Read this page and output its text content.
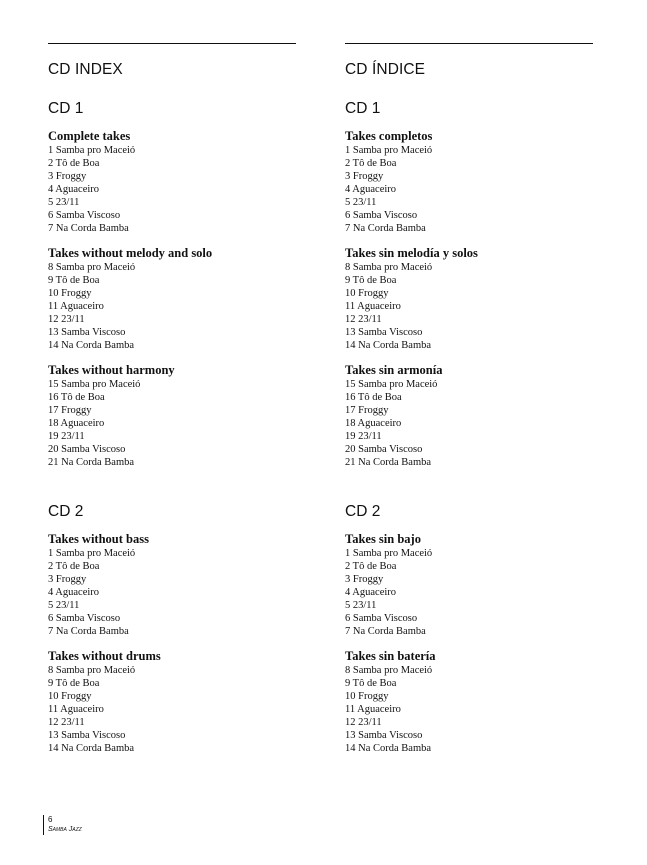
CD INDEX
CD 1
Complete takes
1 Samba pro Maceió
2 Tô de Boa
3 Froggy
4 Aguaceiro
5 23/11
6 Samba Viscoso
7 Na Corda Bamba
Takes without melody and solo
8 Samba pro Maceió
9 Tô de Boa
10 Froggy
11 Aguaceiro
12 23/11
13 Samba Viscoso
14 Na Corda Bamba
Takes without harmony
15 Samba pro Maceió
16 Tô de Boa
17 Froggy
18 Aguaceiro
19 23/11
20 Samba Viscoso
21 Na Corda Bamba
CD 2
Takes without bass
1 Samba pro Maceió
2 Tô de Boa
3 Froggy
4 Aguaceiro
5 23/11
6 Samba Viscoso
7 Na Corda Bamba
Takes without drums
8 Samba pro Maceió
9 Tô de Boa
10 Froggy
11 Aguaceiro
12 23/11
13 Samba Viscoso
14 Na Corda Bamba
CD ÍNDICE
CD 1
Takes completos
1 Samba pro Maceió
2 Tô de Boa
3 Froggy
4 Aguaceiro
5 23/11
6 Samba Viscoso
7 Na Corda Bamba
Takes sin melodía y solos
8 Samba pro Maceió
9 Tô de Boa
10 Froggy
11 Aguaceiro
12 23/11
13 Samba Viscoso
14 Na Corda Bamba
Takes sin armonía
15 Samba pro Maceió
16 Tô de Boa
17 Froggy
18 Aguaceiro
19 23/11
20 Samba Viscoso
21 Na Corda Bamba
CD 2
Takes sin bajo
1 Samba pro Maceió
2 Tô de Boa
3 Froggy
4 Aguaceiro
5 23/11
6 Samba Viscoso
7 Na Corda Bamba
Takes sin batería
8 Samba pro Maceió
9 Tô de Boa
10 Froggy
11 Aguaceiro
12 23/11
13 Samba Viscoso
14 Na Corda Bamba
6
Samba Jazz
